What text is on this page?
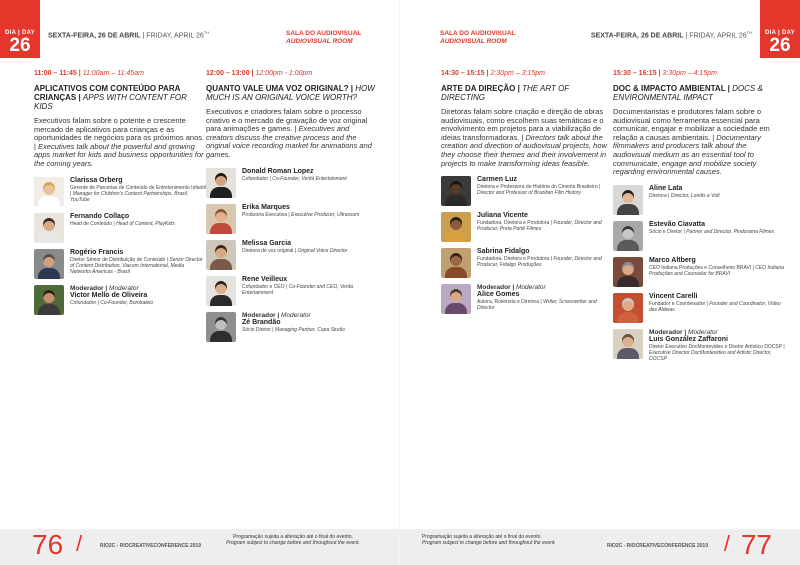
DIA | DAY
26	SEXTA-FEIRA, 26 DE ABRIL | FRIDAY, APRIL 26TH	SALA DO AUDIOVISUAL
AUDIOVISUAL ROOM
11:00 – 11:45 | 11:00am – 11:45am
APLICATIVOS COM CONTEÚDO PARA CRIANÇAS | APPS WITH CONTENT FOR KIDS
Executivos falam sobre o potente e crescente mercado de aplicativos para crianças e as oportunidades de negócios para os próximos anos. | Executives talk about the powerful and growing apps market for kids and business opportunities for the coming years.
Clarissa Orberg
Gerente de Parcerias de Conteúdo de Entretenimento Infantil | Manager for Children's Content Partnerships, Brazil, YouTube
Fernando Collaço
Head de Conteúdo | Head of Content, PlayKids
Rogério Francis
Diretor Sênior de Distribuição de Conteúdo | Senior Director of Content Distribution, Viacom International, Media Networks Americas - Brasil
Moderador | Moderator
Victor Mello de Oliveira
Cofundador | Co-Founder, Bombaleio
12:00 – 13:00 | 12:00pm - 1:00pm
QUANTO VALE UMA VOZ ORIGINAL? | HOW MUCH IS AN ORIGINAL VOICE WORTH?
Executivos e criadores falam sobre o processo criativo e o mercado de gravação de voz original para animações e games. | Executives and creators discuss the creative process and the original voice recording market for animations and games.
Donald Roman Lopez
Cofundador | Co-Founder, Veritá Entertainment
Erika Marques
Produtora Executiva | Executive Producer, Ultrassom
Melissa Garcia
Diretora de voz original | Original Voice Director
Rene Veilleux
Cofundador e CEO | Co-Founder and CEO, Veritá Entertainment
Moderador | Moderator
Zé Brandão
Sócio Diretor | Managing Partner, Copa Studio
76 /	RIO2C - RIOCREATIVECONFERENCE 2019
Programação sujeita a alteração até o final do evento.
Program subject to change before and throughout the event.
DIA | DAY
26
SALA DO AUDIOVISUAL
AUDIOVISUAL ROOM
SEXTA-FEIRA, 26 DE ABRIL | FRIDAY, APRIL 26TH
14:30 – 15:15 | 2:30pm – 3:15pm
ARTE DA DIREÇÃO | THE ART OF DIRECTING
Diretoras falam sobre criação e direção de obras audiovisuais, como escolhem suas temáticas e o envolvimento em projetos para a viabilização de ideias transformadoras. | Directors talk about the creation and direction of audiovisual projects, how they choose their themes and their involvement in projects to make transforming ideas feasible.
Carmen Luz
Diretora e Professora de História do Cinema Brasileiro | Director and Professor of Brazilian Film History
Juliana Vicente
Fundadora, Diretora e Produtora | Founder, Director and Producer, Preta Portê Filmes
Sabrina Fidalgo
Fundadora, Diretora e Produtora | Founder, Director and Producer, Fidalgo Produções
Moderador | Moderator
Alice Gomes
Autora, Roteirista e Diretora | Writer, Screenwriter and Director
15:30 – 16:15 | 3:30pm – 4:15pm
DOC & IMPACTO AMBIENTAL | DOCS & ENVIRONMENTAL IMPACT
Documentaristas e produtores falam sobre o audiovisual como ferramenta essencial para comunicar, engajar e mobilizar a sociedade em relação a causas ambientais. | Documentary filmmakers and producers talk about the audiovisual medium as an essential tool to communicate, engage and mobilize society regarding environmental causes.
Aline Lata
Diretora | Director, Londis e Volt
Estevão Ciavatta
Sócio e Diretor | Partner and Director, Pindorama Filmes
Marco Altberg
CEO Indiana Produções e Conselheiro BRAVI | CEO Indiana Produções and Counselor for BRAVI
Vincent Carelli
Fundador e Coordenador | Founder and Coordinator, Vídeo das Aldeias
Moderador | Moderator
Luis González Zaffaroni
Diretor Executivo DocMontevideo e Diretor Artístico DOCSP | Executive Director DocMontevideo and Artistic Director, DOCSP
Programação sujeita a alteração até o final do evento.
Program subject to change before and throughout the event.	RIO2C - RIOCREATIVECONFERENCE 2019 / 77
